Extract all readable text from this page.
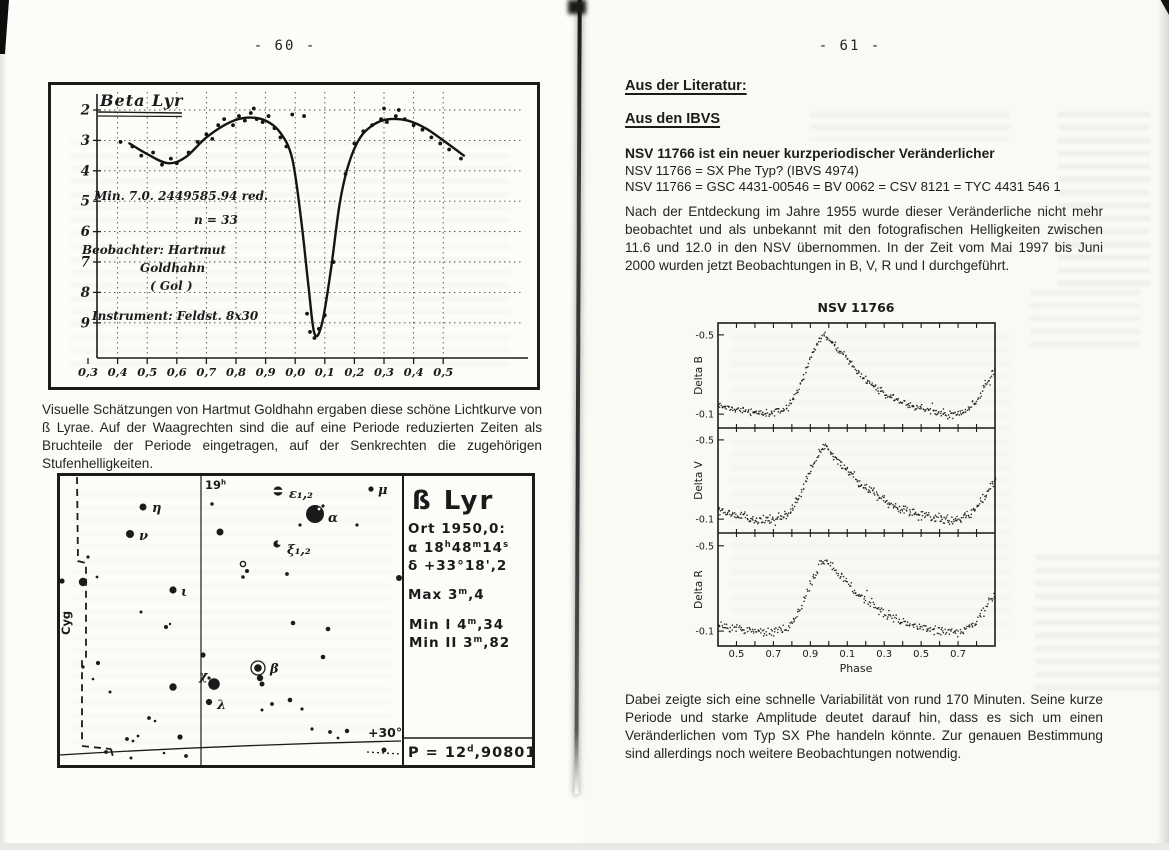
- 60 -
2
3
4
5
6
7
8
9
0,3 0,4 0,5 0,6 0,7 0,8 0,9 0,0 0,1 0,2 0,3 0,4 0,5
Beta Lyr
Min. 7.0. 2449585.94 red.
n = 33
Beobachter: Hartmut
Goldhahn
( Gol )
Instrument: Feldst. 8x30
Visuelle Schätzungen von Hartmut Goldhahn ergaben diese schöne Lichtkurve von ß Lyrae. Auf der Waagrechten sind die auf eine Periode reduzierten Zeiten als Bruchteile der Periode eingetragen, auf der Senkrechten die zugehörigen Stufenhelligkeiten.
Cyg
$19^h$
+30°
η
ν
ι
χ
λ
β
α
μ
ε₁,₂
ξ₁,₂
ß Lyr
Ort 1950,0:
α 18$^h$48$^m$14$^s$
δ +33°18',2
Max 3$^m$,4
Min I 4$^m$,34
Min II 3$^m$,82
$P = 12^d,90801$
- 61 -
Aus der Literatur:
Aus den IBVS
NSV 11766 ist ein neuer kurzperiodischer Veränderlicher
NSV 11766 = SX Phe Typ? (IBVS 4974)
NSV 11766 = GSC 4431-00546 = BV 0062 = CSV 8121 = TYC 4431 546 1
Nach der Entdeckung im Jahre 1955 wurde dieser Veränderliche nicht mehr beobachtet und als unbekannt mit den fotografischen Helligkeiten zwischen 11.6 und 12.0 in den NSV übernommen. In der Zeit vom Mai 1997 bis Juni 2000 wurden jetzt Beobachtungen in B, V, R und I durchgeführt.
NSV 11766
-0.5
-0.1
Delta B
-0.5
-0.1
Delta V
-0.5
-0.1
Delta R
0.5 0.7 0.9 0.1 0.3 0.5 0.7
Phase
Dabei zeigte sich eine schnelle Variabilität von rund 170 Minuten. Seine kurze Periode und starke Amplitude deutet darauf hin, dass es sich um einen Veränderlichen vom Typ SX Phe handeln könnte. Zur genauen Bestimmung sind allerdings noch weitere Beobachtungen notwendig.
